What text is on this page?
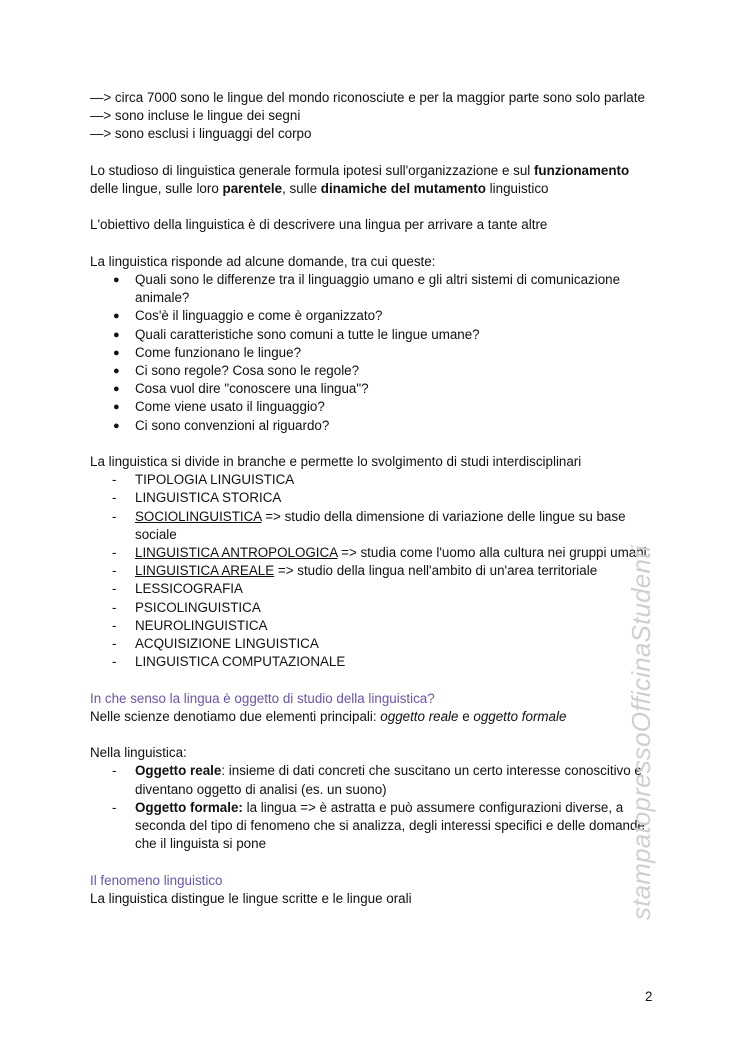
—> circa 7000 sono le lingue del mondo riconosciute e per la maggior parte sono solo parlate
—> sono incluse le lingue dei segni
—> sono esclusi i linguaggi del corpo

Lo studioso di linguistica generale formula ipotesi sull'organizzazione e sul funzionamento delle lingue, sulle loro parentele, sulle dinamiche del mutamento linguistico

L'obiettivo della linguistica è di descrivere una lingua per arrivare a tante altre

La linguistica risponde ad alcune domande, tra cui queste:

● Quali sono le differenze tra il linguaggio umano e gli altri sistemi di comunicazione animale?
● Cos'è il linguaggio e come è organizzato?
● Quali caratteristiche sono comuni a tutte le lingue umane?
● Come funzionano le lingue?
● Ci sono regole? Cosa sono le regole?
● Cosa vuol dire "conoscere una lingua"?
● Come viene usato il linguaggio?
● Ci sono convenzioni al riguardo?

La linguistica si divide in branche e permette lo svolgimento di studi interdisciplinari

- TIPOLOGIA LINGUISTICA
- LINGUISTICA STORICA
- SOCIOLINGUISTICA => studio della dimensione di variazione delle lingue su base sociale
- LINGUISTICA ANTROPOLOGICA => studia come l'uomo alla cultura nei gruppi umani
- LINGUISTICA AREALE => studio della lingua nell'ambito di un'area territoriale
- LESSICOGRAFIA
- PSICOLINGUISTICA
- NEUROLINGUISTICA
- ACQUISIZIONE LINGUISTICA
- LINGUISTICA COMPUTAZIONALE

In che senso la lingua è oggetto di studio della linguistica?

Nelle scienze denotiamo due elementi principali: oggetto reale e oggetto formale

Nella linguistica:

- Oggetto reale: insieme di dati concreti che suscitano un certo interesse conoscitivo e diventano oggetto di analisi (es. un suono)
- Oggetto formale: la lingua => è astratta e può assumere configurazioni diverse, a seconda del tipo di fenomeno che si analizza, degli interessi specifici e delle domande che il linguista si pone

Il fenomeno linguistico

La linguistica distingue le lingue scritte e le lingue orali	stampatopressoOfficinaStudenti
2
